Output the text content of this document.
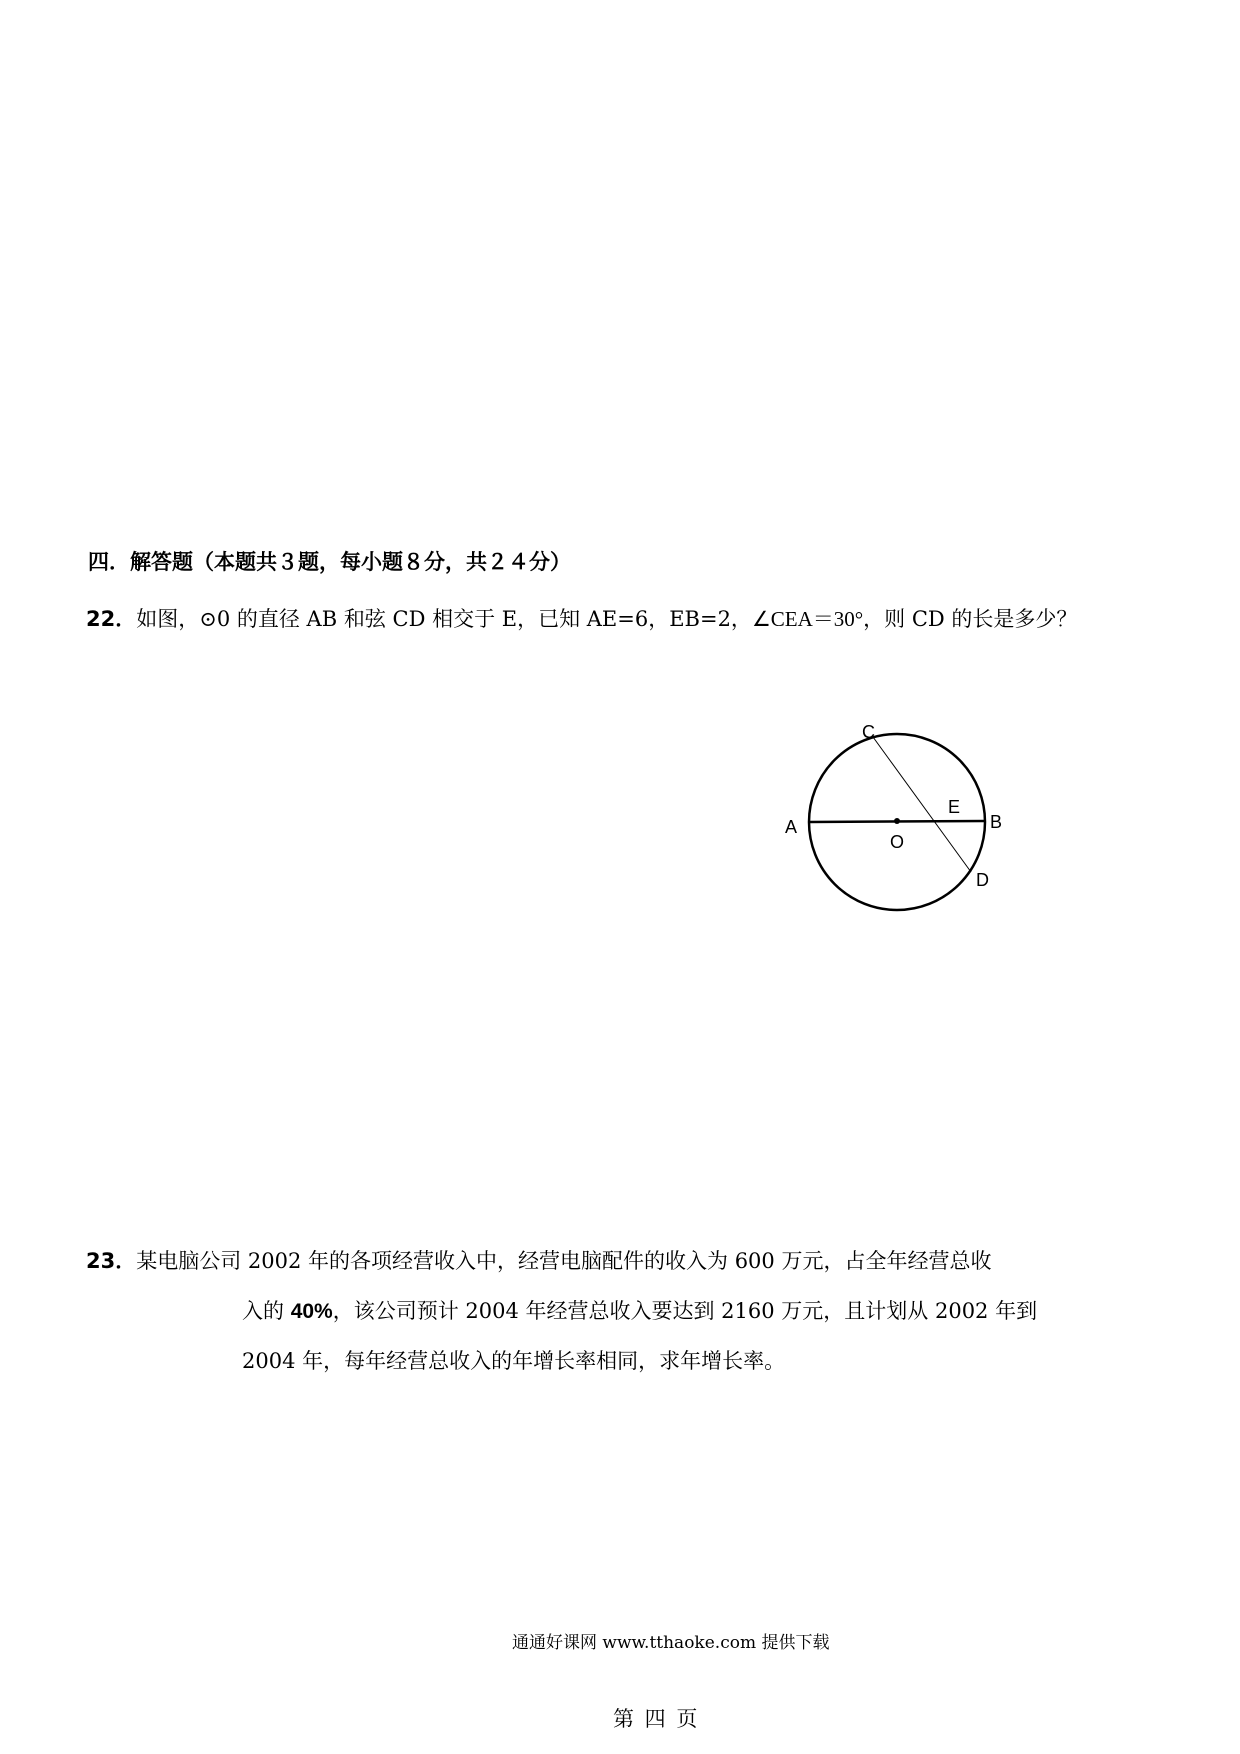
四．解答题（本题共３题，每小题８分，共２４分）
22．如图，⊙0 的直径 AB 和弦 CD 相交于 E，已知 AE=6，EB=2，∠CEA＝30°，则 CD 的长是多少？
A	B
C
D
E
O
23．某电脑公司 2002 年的各项经营收入中，经营电脑配件的收入为 600 万元，占全年经营总收
入的 40%，该公司预计 2004 年经营总收入要达到 2160 万元，且计划从 2002 年到
2004 年，每年经营总收入的年增长率相同，求年增长率。
通通好课网 www.tthaoke.com 提供下载
第 四 页
